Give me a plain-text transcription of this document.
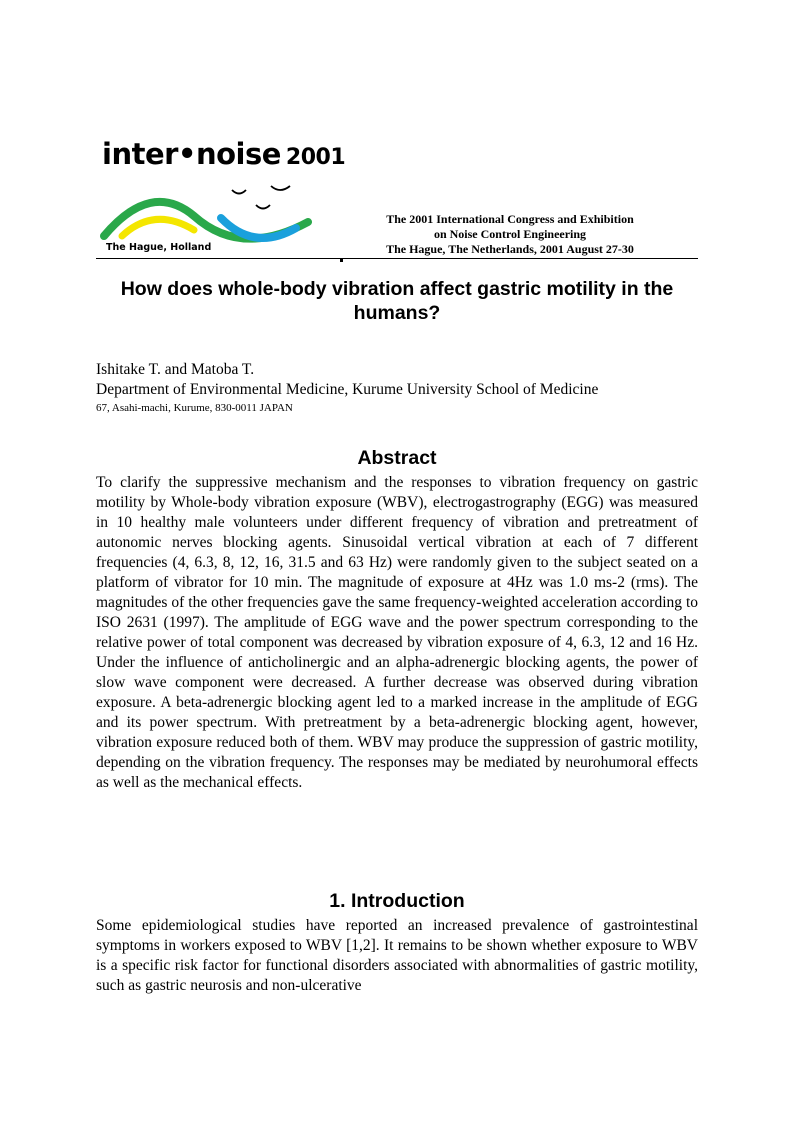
inter•noise 2001
The Hague, Holland
The 2001 International Congress and Exhibition
on Noise Control Engineering
The Hague, The Netherlands, 2001 August 27-30
How does whole-body vibration affect gastric motility in the humans?
Ishitake T. and Matoba T.
Department of Environmental Medicine, Kurume University School of Medicine
67, Asahi-machi, Kurume, 830-0011 JAPAN
Abstract

To clarify the suppressive mechanism and the responses to vibration frequency on gastric motility by Whole-body vibration exposure (WBV), electrogastrography (EGG) was measured in 10 healthy male volunteers under different frequency of vibration and pretreatment of autonomic nerves blocking agents. Sinusoidal vertical vibration at each of 7 different frequencies (4, 6.3, 8, 12, 16, 31.5 and 63 Hz) were randomly given to the subject seated on a platform of vibrator for 10 min. The magnitude of exposure at 4Hz was 1.0 ms-2 (rms). The magnitudes of the other frequencies gave the same frequency-weighted acceleration according to ISO 2631 (1997). The amplitude of EGG wave and the power spectrum corresponding to the relative power of total component was decreased by vibration exposure of 4, 6.3, 12 and 16 Hz. Under the influence of anticholinergic and an alpha-adrenergic blocking agents, the power of slow wave component were decreased. A further decrease was observed during vibration exposure. A beta-adrenergic blocking agent led to a marked increase in the amplitude of EGG and its power spectrum. With pretreatment by a beta-adrenergic blocking agent, however, vibration exposure reduced both of them. WBV may produce the suppression of gastric motility, depending on the vibration frequency. The responses may be mediated by neurohumoral effects as well as the mechanical effects.

1. Introduction

Some epidemiological studies have reported an increased prevalence of gastrointestinal symptoms in workers exposed to WBV [1,2]. It remains to be shown whether exposure to WBV is a specific risk factor for functional disorders associated with abnormalities of gastric motility, such as gastric neurosis and non-ulcerative
